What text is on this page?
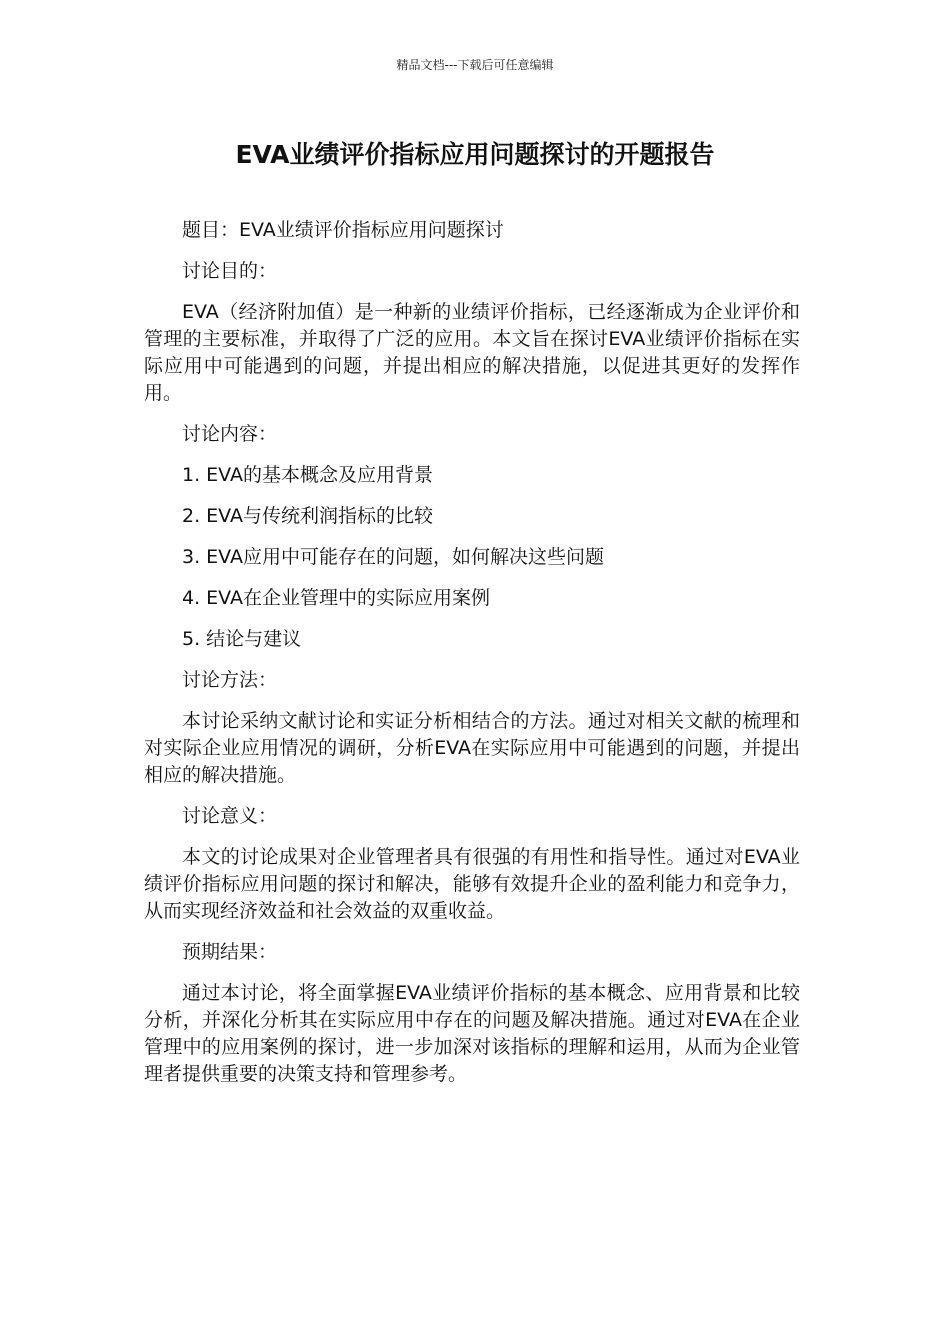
精品文档---下载后可任意编辑
EVA业绩评价指标应用问题探讨的开题报告

题目：EVA业绩评价指标应用问题探讨

讨论目的：

EVA（经济附加值）是一种新的业绩评价指标，已经逐渐成为企业评价和管理的主要标准，并取得了广泛的应用。本文旨在探讨EVA业绩评价指标在实际应用中可能遇到的问题，并提出相应的解决措施，以促进其更好的发挥作用。

讨论内容：

1. EVA的基本概念及应用背景

2. EVA与传统利润指标的比较

3. EVA应用中可能存在的问题，如何解决这些问题

4. EVA在企业管理中的实际应用案例

5. 结论与建议

讨论方法：

本讨论采纳文献讨论和实证分析相结合的方法。通过对相关文献的梳理和对实际企业应用情况的调研，分析EVA在实际应用中可能遇到的问题，并提出相应的解决措施。

讨论意义：

本文的讨论成果对企业管理者具有很强的有用性和指导性。通过对EVA业绩评价指标应用问题的探讨和解决，能够有效提升企业的盈利能力和竞争力，从而实现经济效益和社会效益的双重收益。

预期结果：

通过本讨论，将全面掌握EVA业绩评价指标的基本概念、应用背景和比较分析，并深化分析其在实际应用中存在的问题及解决措施。通过对EVA在企业管理中的应用案例的探讨，进一步加深对该指标的理解和运用，从而为企业管理者提供重要的决策支持和管理参考。
